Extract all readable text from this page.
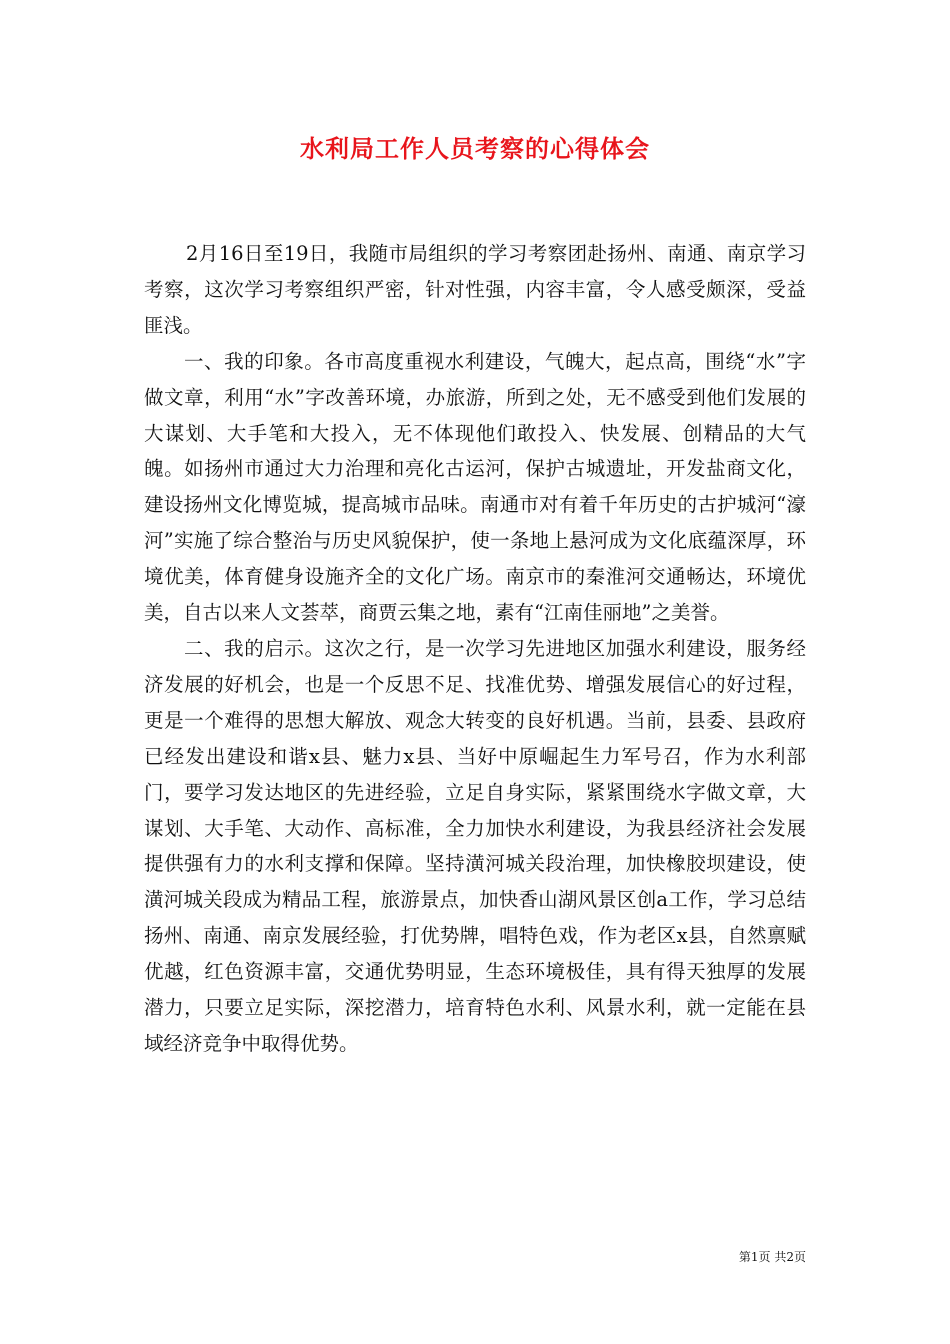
水利局工作人员考察的心得体会

2月16日至19日，我随市局组织的学习考察团赴扬州、南通、南京学习考察，这次学习考察组织严密，针对性强，内容丰富，令人感受颇深，受益匪浅。

一、我的印象。各市高度重视水利建设，气魄大，起点高，围绕“水”字做文章，利用“水”字改善环境，办旅游，所到之处，无不感受到他们发展的大谋划、大手笔和大投入，无不体现他们敢投入、快发展、创精品的大气魄。如扬州市通过大力治理和亮化古运河，保护古城遗址，开发盐商文化，建设扬州文化博览城，提高城市品味。南通市对有着千年历史的古护城河“濠河”实施了综合整治与历史风貌保护，使一条地上悬河成为文化底蕴深厚，环境优美，体育健身设施齐全的文化广场。南京市的秦淮河交通畅达，环境优美，自古以来人文荟萃，商贾云集之地，素有“江南佳丽地”之美誉。

二、我的启示。这次之行，是一次学习先进地区加强水利建设，服务经济发展的好机会，也是一个反思不足、找准优势、增强发展信心的好过程，更是一个难得的思想大解放、观念大转变的良好机遇。当前，县委、县政府已经发出建设和谐x县、魅力x县、当好中原崛起生力军号召，作为水利部门，要学习发达地区的先进经验，立足自身实际，紧紧围绕水字做文章，大谋划、大手笔、大动作、高标准，全力加快水利建设，为我县经济社会发展提供强有力的水利支撑和保障。坚持潢河城关段治理，加快橡胶坝建设，使潢河城关段成为精品工程，旅游景点，加快香山湖风景区创a工作，学习总结扬州、南通、南京发展经验，打优势牌，唱特色戏，作为老区x县，自然禀赋优越，红色资源丰富，交通优势明显，生态环境极佳，具有得天独厚的发展潜力，只要立足实际，深挖潜力，培育特色水利、风景水利，就一定能在县域经济竞争中取得优势。

第1页 共2页
